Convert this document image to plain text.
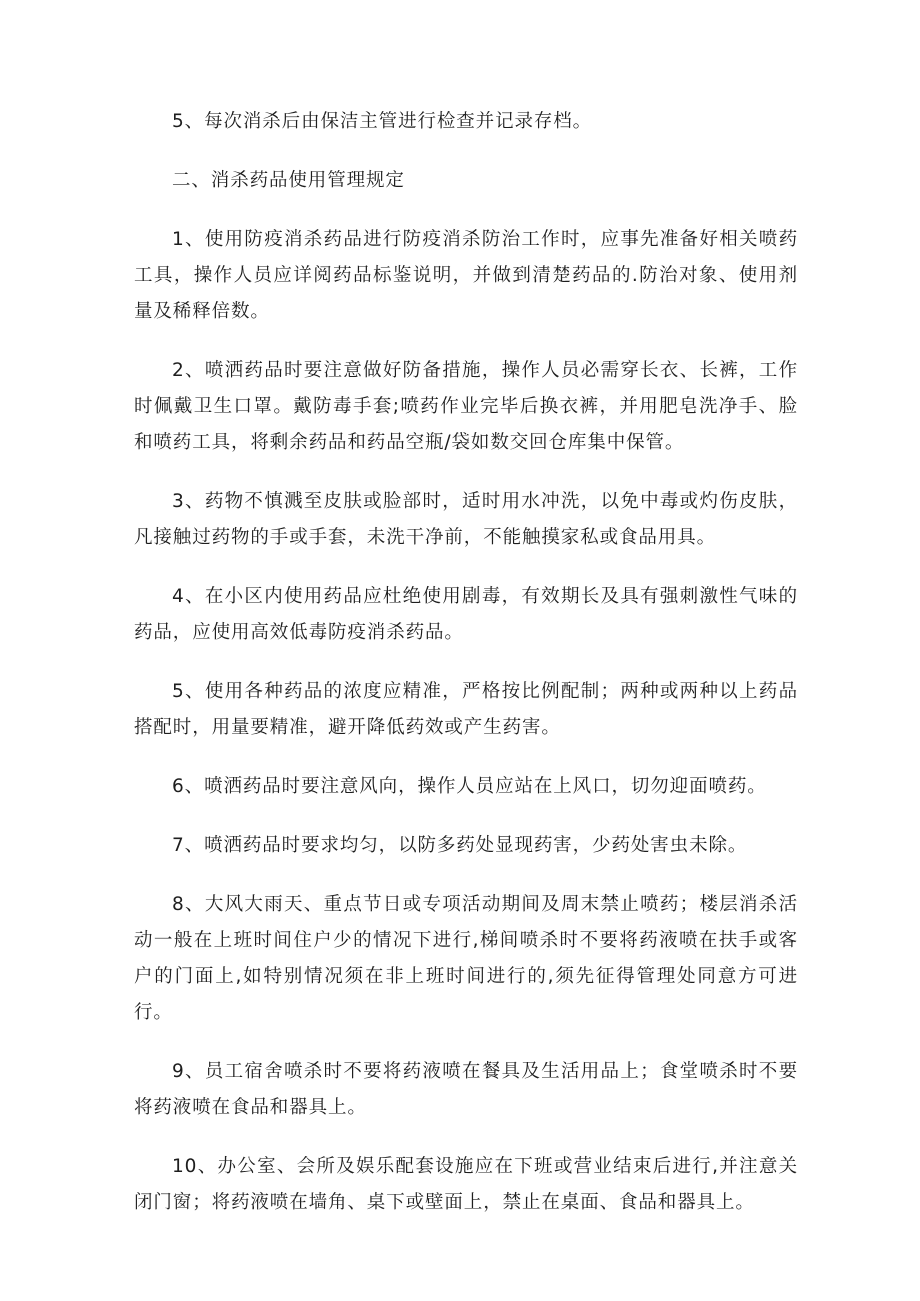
5、每次消杀后由保洁主管进行检查并记录存档。

二、消杀药品使用管理规定

1、使用防疫消杀药品进行防疫消杀防治工作时，应事先准备好相关喷药工具，操作人员应详阅药品标鉴说明，并做到清楚药品的.防治对象、使用剂量及稀释倍数。

2、喷洒药品时要注意做好防备措施，操作人员必需穿长衣、长裤，工作时佩戴卫生口罩。戴防毒手套;喷药作业完毕后换衣裤，并用肥皂洗净手、脸和喷药工具，将剩余药品和药品空瓶/袋如数交回仓库集中保管。

3、药物不慎溅至皮肤或脸部时，适时用水冲洗，以免中毒或灼伤皮肤，凡接触过药物的手或手套，未洗干净前，不能触摸家私或食品用具。

4、在小区内使用药品应杜绝使用剧毒，有效期长及具有强刺激性气味的药品，应使用高效低毒防疫消杀药品。

5、使用各种药品的浓度应精准，严格按比例配制；两种或两种以上药品搭配时，用量要精准，避开降低药效或产生药害。

6、喷洒药品时要注意风向，操作人员应站在上风口，切勿迎面喷药。

7、喷洒药品时要求均匀，以防多药处显现药害，少药处害虫未除。

8、大风大雨天、重点节日或专项活动期间及周末禁止喷药；楼层消杀活动一般在上班时间住户少的情况下进行,梯间喷杀时不要将药液喷在扶手或客户的门面上,如特别情况须在非上班时间进行的,须先征得管理处同意方可进行。

9、员工宿舍喷杀时不要将药液喷在餐具及生活用品上；食堂喷杀时不要将药液喷在食品和器具上。

10、办公室、会所及娱乐配套设施应在下班或营业结束后进行,并注意关闭门窗；将药液喷在墙角、桌下或壁面上，禁止在桌面、食品和器具上。
